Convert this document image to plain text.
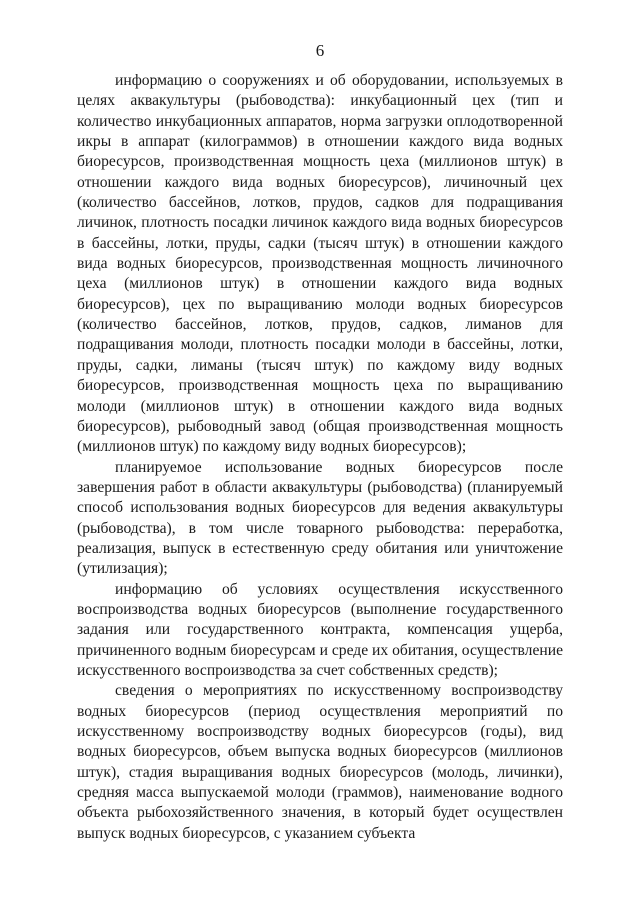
6

информацию о сооружениях и об оборудовании, используемых в целях аквакультуры (рыбоводства): инкубационный цех (тип и количество инкубационных аппаратов, норма загрузки оплодотворенной икры в аппарат (килограммов) в отношении каждого вида водных биоресурсов, производственная мощность цеха (миллионов штук) в отношении каждого вида водных биоресурсов), личиночный цех (количество бассейнов, лотков, прудов, садков для подращивания личинок, плотность посадки личинок каждого вида водных биоресурсов в бассейны, лотки, пруды, садки (тысяч штук) в отношении каждого вида водных биоресурсов, производственная мощность личиночного цеха (миллионов штук) в отношении каждого вида водных биоресурсов), цех по выращиванию молоди водных биоресурсов (количество бассейнов, лотков, прудов, садков, лиманов для подращивания молоди, плотность посадки молоди в бассейны, лотки, пруды, садки, лиманы (тысяч штук) по каждому виду водных биоресурсов, производственная мощность цеха по выращиванию молоди (миллионов штук) в отношении каждого вида водных биоресурсов), рыбоводный завод (общая производственная мощность (миллионов штук) по каждому виду водных биоресурсов);

планируемое использование водных биоресурсов после завершения работ в области аквакультуры (рыбоводства) (планируемый способ использования водных биоресурсов для ведения аквакультуры (рыбоводства), в том числе товарного рыбоводства: переработка, реализация, выпуск в естественную среду обитания или уничтожение (утилизация);

информацию об условиях осуществления искусственного воспроизводства водных биоресурсов (выполнение государственного задания или государственного контракта, компенсация ущерба, причиненного водным биоресурсам и среде их обитания, осуществление искусственного воспроизводства за счет собственных средств);

сведения о мероприятиях по искусственному воспроизводству водных биоресурсов (период осуществления мероприятий по искусственному воспроизводству водных биоресурсов (годы), вид водных биоресурсов, объем выпуска водных биоресурсов (миллионов штук), стадия выращивания водных биоресурсов (молодь, личинки), средняя масса выпускаемой молоди (граммов), наименование водного объекта рыбохозяйственного значения, в который будет осуществлен выпуск водных биоресурсов, с указанием субъекта
